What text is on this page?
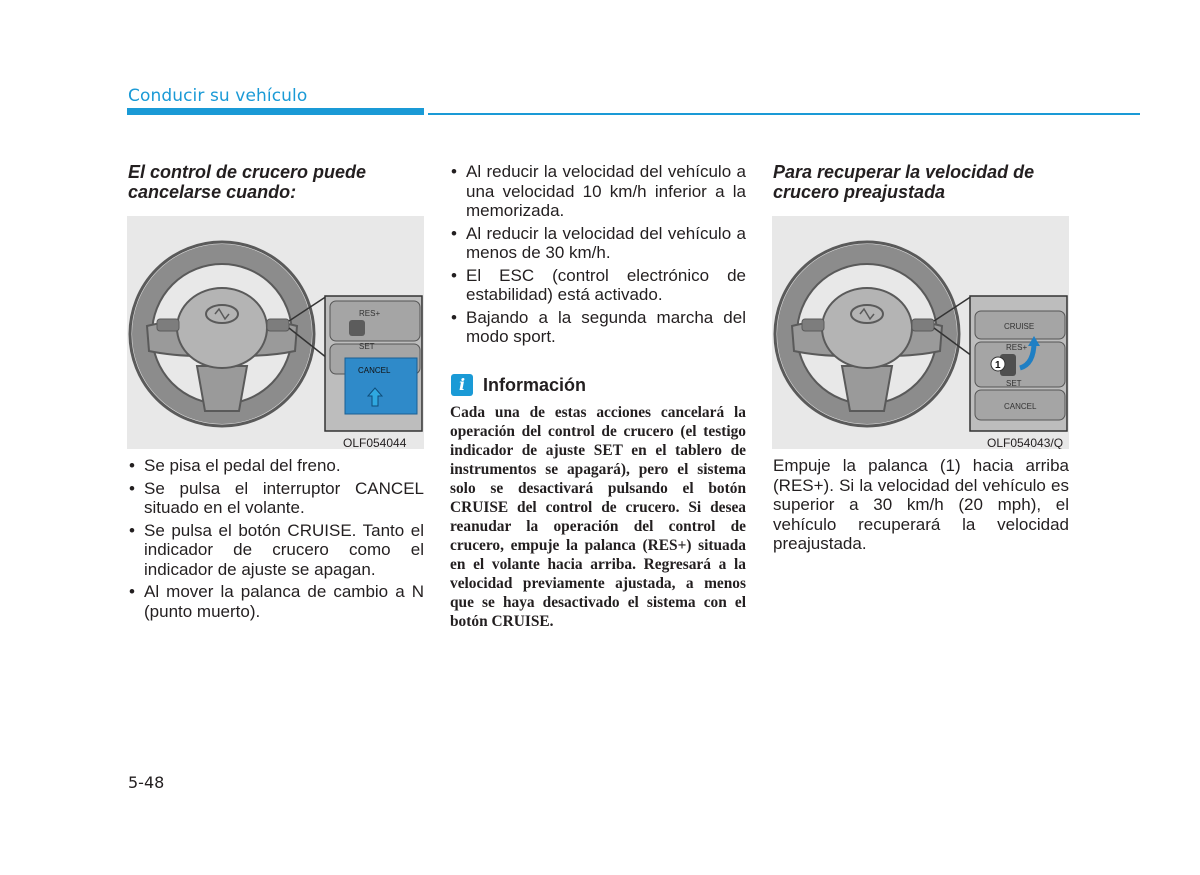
Conducir su vehículo
El control de crucero puede
cancelarse cuando:
RES+
SET
CANCEL
OLF054044
• Se pisa el pedal del freno.
• Se pulsa el interruptor CANCEL situado en el volante.
• Se pulsa el botón CRUISE. Tanto el indicador de crucero como el indicador de ajuste se apagan.
• Al mover la palanca de cambio a N (punto muerto).
• Al reducir la velocidad del vehículo a una velocidad 10 km/h inferior a la memorizada.
• Al reducir la velocidad del vehículo a menos de 30 km/h.
• El ESC (control electrónico de estabilidad) está activado.
• Bajando a la segunda marcha del modo sport.
i Información
Cada una de estas acciones cancelará la operación del control de crucero (el testigo indicador de ajuste SET en el tablero de instrumentos se apagará), pero el sistema solo se desactivará pulsando el botón CRUISE del control de crucero. Si desea reanudar la operación del control de crucero, empuje la palanca (RES+) situada en el volante hacia arriba. Regresará a la velocidad previamente ajustada, a menos que se haya desactivado el sistema con el botón CRUISE.
Para recuperar la velocidad de
crucero preajustada
1
CRUISE
RES+
SET
CANCEL
OLF054043/Q
Empuje la palanca (1) hacia arriba (RES+). Si la velocidad del vehículo es superior a 30 km/h (20 mph), el vehículo recuperará la velocidad preajustada.
5-48
